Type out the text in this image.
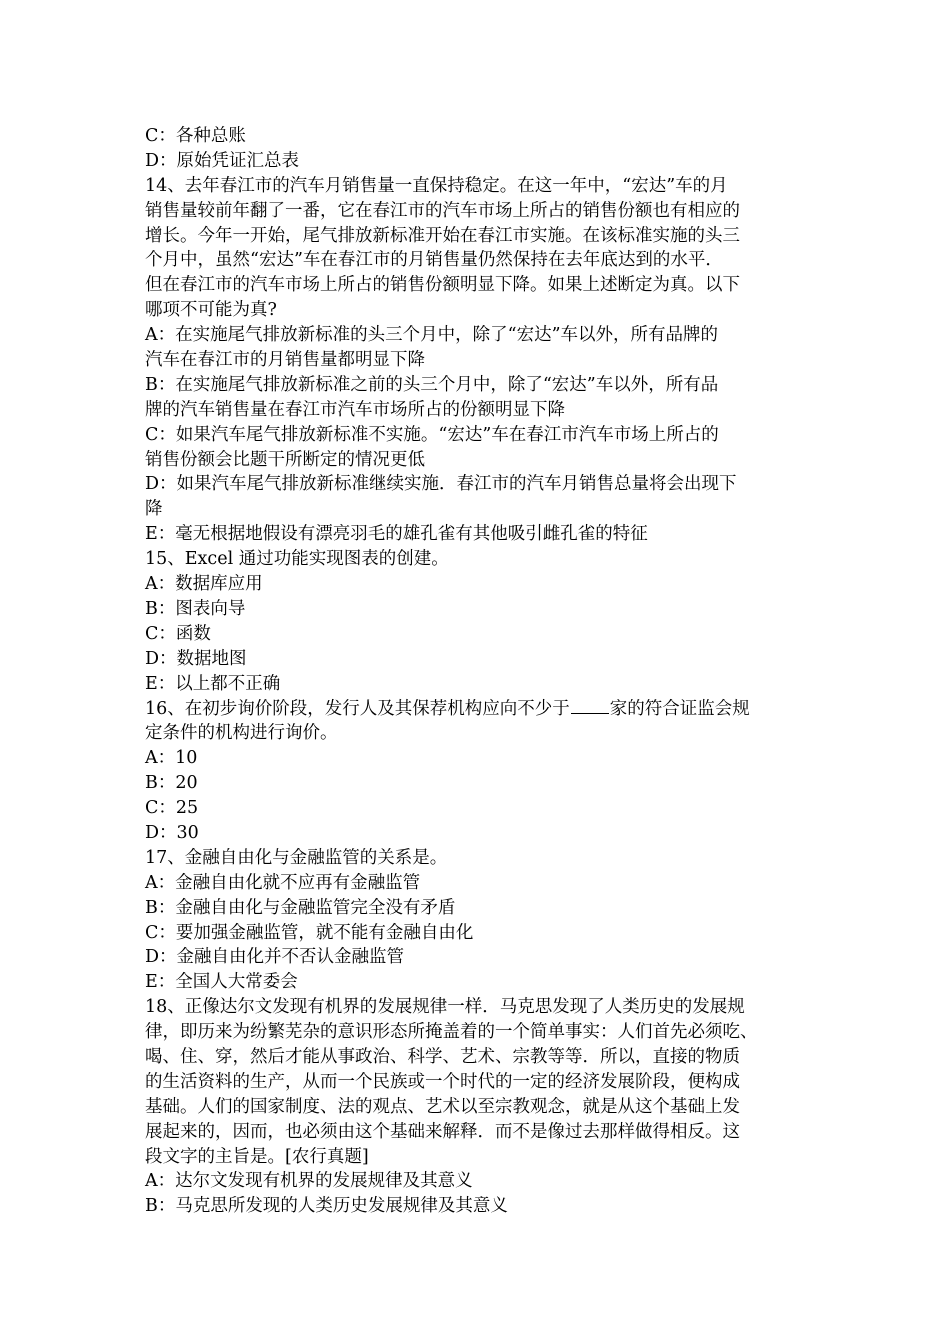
C：各种总账
D：原始凭证汇总表
14、去年春江市的汽车月销售量一直保持稳定。在这一年中，“宏达”车的月
销售量较前年翻了一番，它在春江市的汽车市场上所占的销售份额也有相应的
增长。今年一开始，尾气排放新标准开始在春江市实施。在该标准实施的头三
个月中，虽然“宏达”车在春江市的月销售量仍然保持在去年底达到的水平．
但在春江市的汽车市场上所占的销售份额明显下降。如果上述断定为真。以下
哪项不可能为真?
A：在实施尾气排放新标准的头三个月中，除了“宏达”车以外，所有品牌的
汽车在春江市的月销售量都明显下降
B：在实施尾气排放新标准之前的头三个月中，除了“宏达”车以外，所有品
牌的汽车销售量在春江市汽车市场所占的份额明显下降
C：如果汽车尾气排放新标准不实施。“宏达”车在春江市汽车市场上所占的
销售份额会比题干所断定的情况更低
D：如果汽车尾气排放新标准继续实施．春江市的汽车月销售总量将会出现下
降
E：毫无根据地假设有漂亮羽毛的雄孔雀有其他吸引雌孔雀的特征
15、Excel 通过功能实现图表的创建。
A：数据库应用
B：图表向导
C：函数
D：数据地图
E：以上都不正确
16、在初步询价阶段，发行人及其保荐机构应向不少于 家的符合证监会规
定条件的机构进行询价。
A：10
B：20
C：25
D：30
17、金融自由化与金融监管的关系是。
A：金融自由化就不应再有金融监管
B：金融自由化与金融监管完全没有矛盾
C：要加强金融监管，就不能有金融自由化
D：金融自由化并不否认金融监管
E：全国人大常委会
18、正像达尔文发现有机界的发展规律一样．马克思发现了人类历史的发展规
律，即历来为纷繁芜杂的意识形态所掩盖着的一个简单事实：人们首先必须吃、
喝、住、穿，然后才能从事政治、科学、艺术、宗教等等．所以，直接的物质
的生活资料的生产，从而一个民族或一个时代的一定的经济发展阶段，便构成
基础。人们的国家制度、法的观点、艺术以至宗教观念，就是从这个基础上发
展起来的，因而，也必须由这个基础来解释．而不是像过去那样做得相反。这
段文字的主旨是。[农行真题]
A：达尔文发现有机界的发展规律及其意义
B：马克思所发现的人类历史发展规律及其意义
